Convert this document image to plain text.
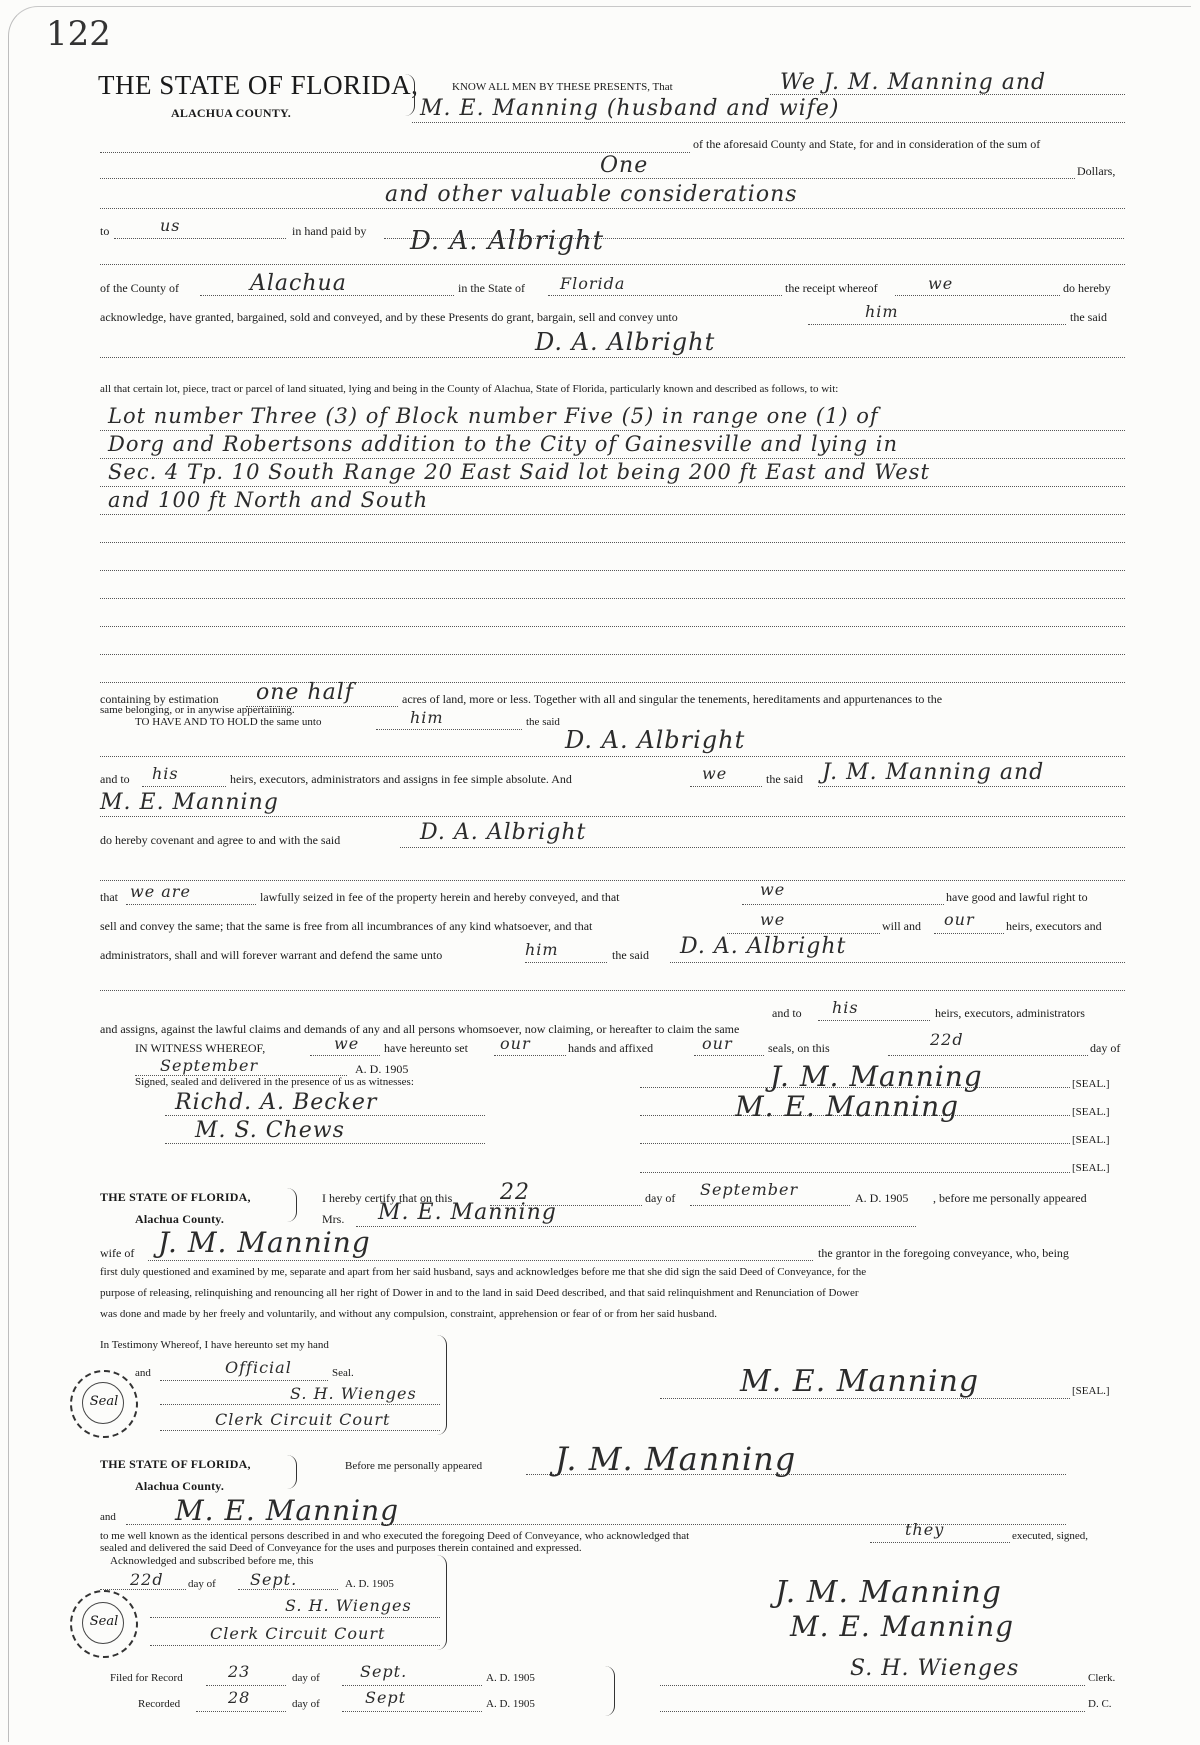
122
THE STATE OF FLORIDA,
ALACHUA COUNTY.
KNOW ALL MEN BY THESE PRESENTS, That	We J. M. Manning and
M. E. Manning (husband and wife)
of the aforesaid County and State, for and in consideration of the sum of
One	Dollars,
and other valuable considerations
to	us	in hand paid by D. A. Albright
of the County of	Alachua	in the State of Florida	the receipt whereof	we	do hereby
acknowledge, have granted, bargained, sold and conveyed, and by these Presents do grant, bargain, sell and convey unto	him	the said
D. A. Albright
all that certain lot, piece, tract or parcel of land situated, lying and being in the County of Alachua, State of Florida, particularly known and described as follows, to wit:
Lot number Three (3) of Block number Five (5) in range one (1) of
Dorg and Robertsons addition to the City of Gainesville and lying in
Sec. 4 Tp. 10 South Range 20 East Said lot being 200 ft East and West
and 100 ft North and South
containing by estimation one half	acres of land, more or less. Together with all and singular the tenements, hereditaments and appurtenances to the
same belonging, or in anywise appertaining.
TO HAVE AND TO HOLD the same unto	him	the said
D. A. Albright
and to his	heirs, executors, administrators and assigns in fee simple absolute. And	we	the said J. M. Manning and
M. E. Manning
do hereby covenant and agree to and with the said	D. A. Albright
that we are	lawfully seized in fee of the property herein and hereby conveyed, and that	we	have good and lawful right to
sell and convey the same; that the same is free from all incumbrances of any kind whatsoever, and that	we	will and our	heirs, executors and
administrators, shall and will forever warrant and defend the same unto	him	the said D. A. Albright
and to his	heirs, executors, administrators
and assigns, against the lawful claims and demands of any and all persons whomsoever, now claiming, or hereafter to claim the same
IN WITNESS WHEREOF,	we have hereunto set our	hands and affixed	our	seals, on this	22d	day of
September	A. D. 1905
Signed, sealed and delivered in the presence of us as witnesses:
Richd. A. Becker
M. S. Chews
J. M. Manning	[SEAL.]
M. E. Manning	[SEAL.]
[SEAL.]
[SEAL.]
THE STATE OF FLORIDA,
Alachua County.
I hereby certify that on this 22	day of September	A. D. 1905 , before me personally appeared
Mrs. M. E. Manning
wife of J. M. Manning	the grantor in the foregoing conveyance, who, being
first duly questioned and examined by me, separate and apart from her said husband, says and acknowledges before me that she did sign the said Deed of Conveyance, for the
purpose of releasing, relinquishing and renouncing all her right of Dower in and to the land in said Deed described, and that said relinquishment and Renunciation of Dower
was done and made by her freely and voluntarily, and without any compulsion, constraint, apprehension or fear of or from her said husband.
In Testimony Whereof, I have hereunto set my hand
and	Official	Seal.
S. H. Wienges
Clerk Circuit Court
Seal
M. E. Manning	[SEAL.]
THE STATE OF FLORIDA,
Alachua County.
Before me personally appeared J. M. Manning
and M. E. Manning
to me well known as the identical persons described in and who executed the foregoing Deed of Conveyance, who acknowledged that	they	executed, signed,
sealed and delivered the said Deed of Conveyance for the uses and purposes therein contained and expressed.
Acknowledged and subscribed before me, this
22d day of Sept.	A. D. 1905
S. H. Wienges
Clerk Circuit Court
Seal
J. M. Manning
M. E. Manning
Filed for Record	23	day of	Sept.	A. D. 1905
Recorded	28	day of	Sept	A. D. 1905
S. H. Wienges	Clerk.
D. C.
